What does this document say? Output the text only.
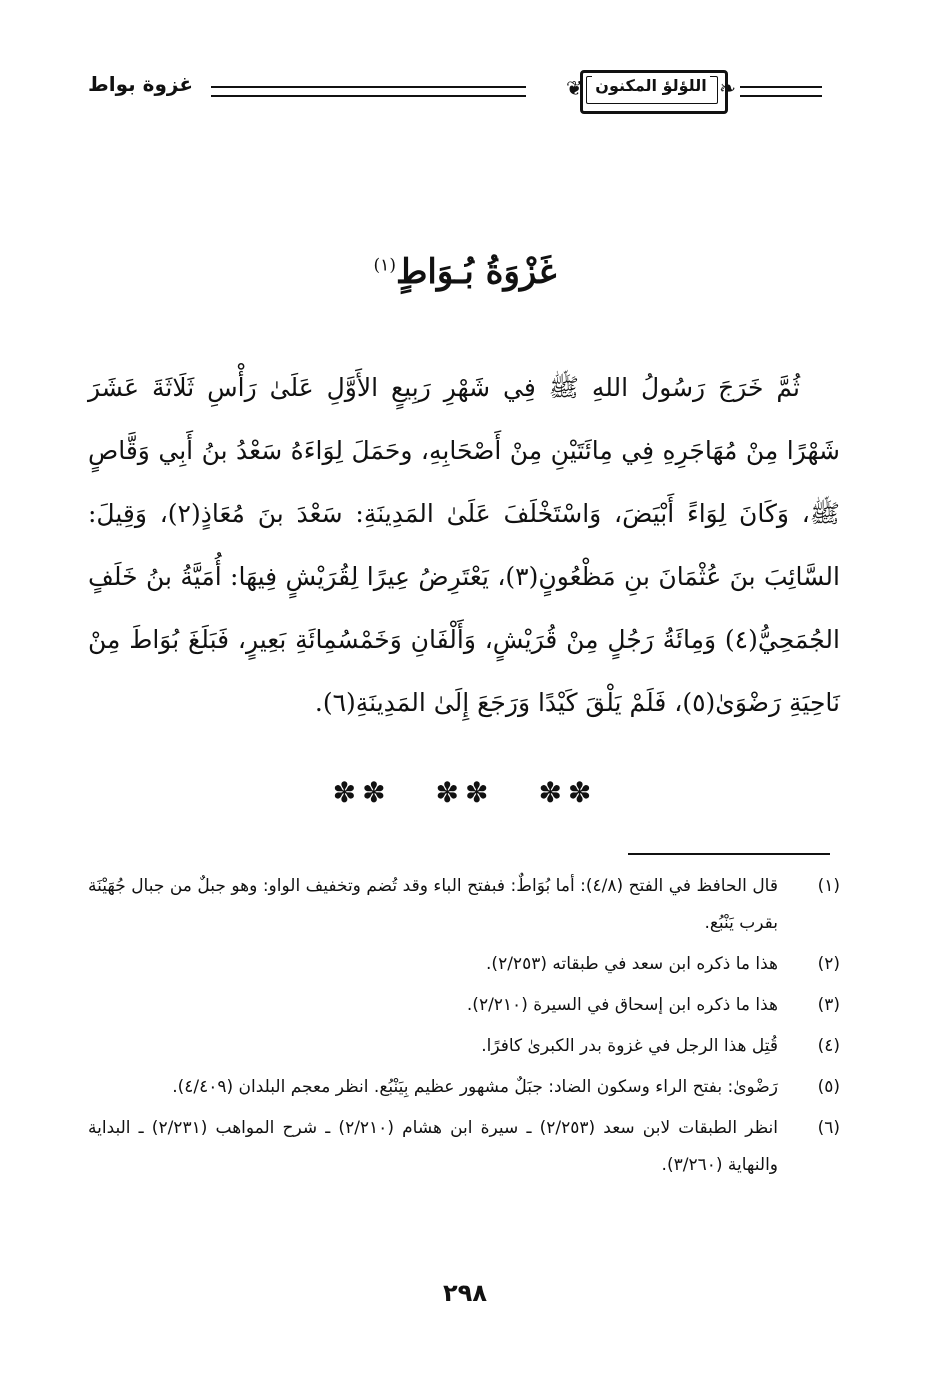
غزوة بواط	❦ اللؤلؤ المكنون ❧
غَزْوَةُ بُـوَاطٍ$^{(١)}$

ثُمَّ خَرَجَ رَسُولُ اللهِ ﷺ فِي شَهْرِ رَبِيعٍ الأَوَّلِ عَلَىٰ رَأْسِ ثَلَاثَةَ عَشَرَ شَهْرًا مِنْ مُهَاجَرِهِ فِي مِائَتَيْنِ مِنْ أَصْحَابِهِ، وحَمَلَ لِوَاءَهُ سَعْدُ بنُ أَبِي وَقَّاصٍ ﷺ، وَكَانَ لِوَاءً أَبْيَضَ، وَاسْتَخْلَفَ عَلَىٰ المَدِينَةِ: سَعْدَ بنَ مُعَاذٍ(٢)، وَقِيلَ: السَّائِبَ بنَ عُثْمَانَ بنِ مَظْعُونٍ(٣)، يَعْتَرِضُ عِيرًا لِقُرَيْشٍ فِيهَا: أُمَيَّةُ بنُ خَلَفٍ الجُمَحِيُّ(٤) وَمِائَةُ رَجُلٍ مِنْ قُرَيْشٍ، وَأَلْفَانِ وَخَمْسُمِائَةِ بَعِيرٍ، فَبَلَغَ بُوَاطَ مِنْ نَاحِيَةِ رَضْوَىٰ(٥)، فَلَمْ يَلْقَ كَيْدًا وَرَجَعَ إِلَىٰ المَدِينَةِ(٦).

✽✽ ✽✽ ✽✽
(١)
قال الحافظ في الفتح (٤/٨): أما بُوَاطٌ: فبفتح الباء وقد تُضم وتخفيف الواو: وهو جبلٌ من جبال جُهَيْنَة بقرب يَنْبُع.
(٢)
هذا ما ذكره ابن سعد في طبقاته (٢/٢٥٣).
(٣)
هذا ما ذكره ابن إسحاق في السيرة (٢/٢١٠).
(٤)
قُتِل هذا الرجل في غزوة بدر الكبرىٰ كافرًا.
(٥)
رَضْوىٰ: بفتح الراء وسكون الضاد: جبَلٌ مشهور عظيم بِيَنْبُع. انظر معجم البلدان (٤/٤٠٩).
(٦)
انظر الطبقات لابن سعد (٢/٢٥٣) ـ سيرة ابن هشام (٢/٢١٠) ـ شرح المواهب (٢/٢٣١) ـ البداية والنهاية (٣/٢٦٠).
٢٩٨
